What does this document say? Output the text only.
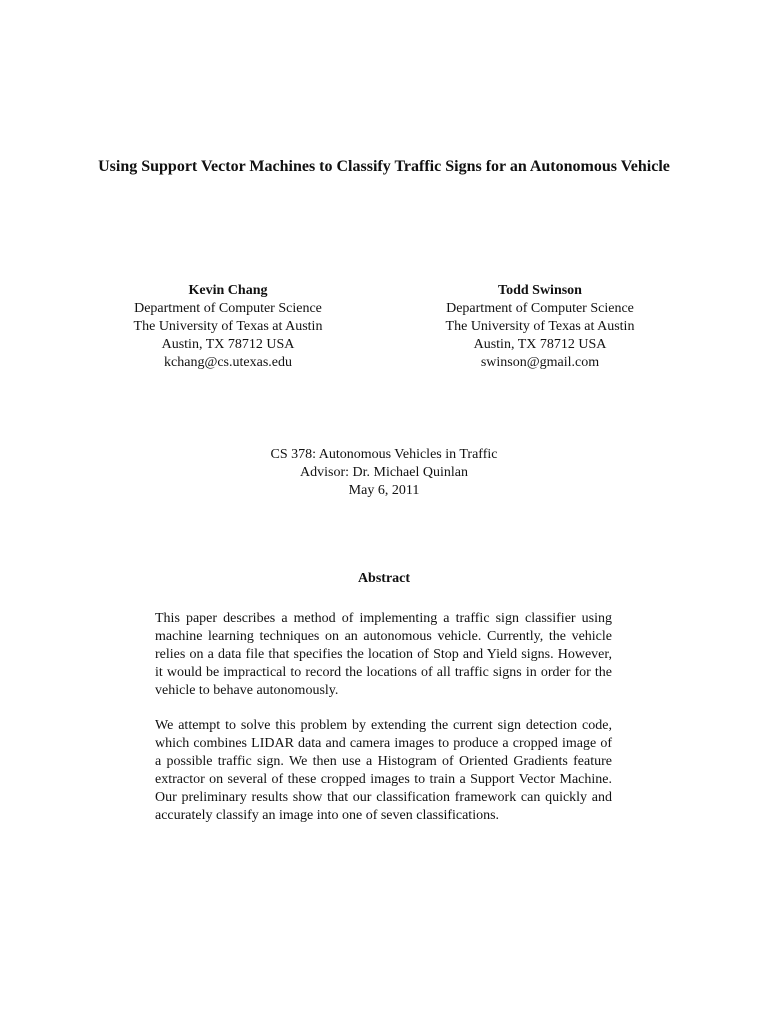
Using Support Vector Machines to Classify Traffic Signs for an Autonomous Vehicle
Kevin Chang
Department of Computer Science
The University of Texas at Austin
Austin, TX 78712 USA
kchang@cs.utexas.edu
Todd Swinson
Department of Computer Science
The University of Texas at Austin
Austin, TX 78712 USA
swinson@gmail.com
CS 378: Autonomous Vehicles in Traffic
Advisor: Dr. Michael Quinlan
May 6, 2011
Abstract

This paper describes a method of implementing a traffic sign classifier using machine learning techniques on an autonomous vehicle. Currently, the vehicle relies on a data file that specifies the location of Stop and Yield signs. However, it would be impractical to record the locations of all traffic signs in order for the vehicle to behave autonomously.

We attempt to solve this problem by extending the current sign detection code, which combines LIDAR data and camera images to produce a cropped image of a possible traffic sign. We then use a Histogram of Oriented Gradients feature extractor on several of these cropped images to train a Support Vector Machine. Our preliminary results show that our classification framework can quickly and accurately classify an image into one of seven classifications.
